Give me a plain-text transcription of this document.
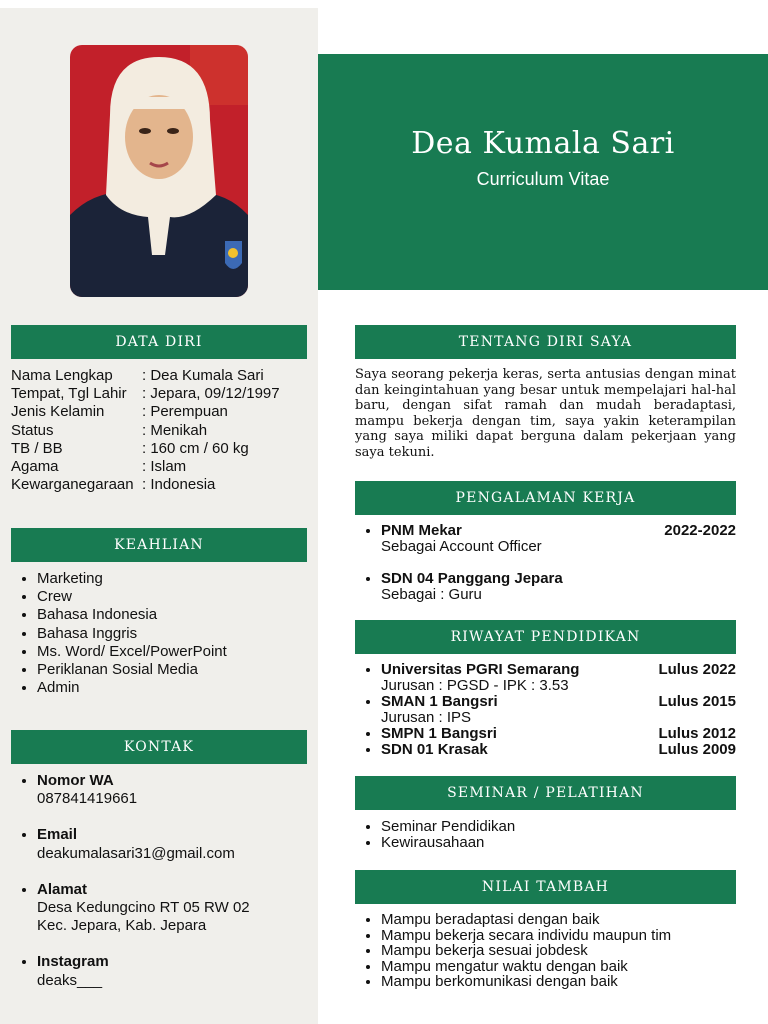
DATA DIRI
Nama Lengkap	: Dea Kumala Sari
Tempat, Tgl Lahir	: Jepara, 09/12/1997
Jenis Kelamin	: Perempuan
Status	: Menikah
TB / BB	: 160 cm / 60 kg
Agama	: Islam
Kewarganegaraan : Indonesia
KEAHLIAN
• Marketing
• Crew
• Bahasa Indonesia
• Bahasa Inggris
• Ms. Word/ Excel/PowerPoint
• Periklanan Sosial Media
• Admin
KONTAK
• Nomor WA
087841419661
• Email
deakumalasari31@gmail.com
• Alamat
Desa Kedungcino RT 05 RW 02
Kec. Jepara, Kab. Jepara
• Instagram
deaks___
Dea Kumala Sari
Curriculum Vitae
TENTANG DIRI SAYA
Saya seorang pekerja keras, serta antusias dengan minat dan keingintahuan yang besar untuk mempelajari hal-hal baru, dengan sifat ramah dan mudah beradaptasi, mampu bekerja dengan tim, saya yakin keterampilan yang saya miliki dapat berguna dalam pekerjaan yang saya tekuni.
PENGALAMAN KERJA
• PNM Mekar	2022-2022

Sebagai Account Officer
• SDN 04 Panggang Jepara
Sebagai : Guru
RIWAYAT PENDIDIKAN
• Universitas PGRI Semarang	Lulus 2022

Jurusan : PGSD - IPK : 3.53
• SMAN 1 Bangsri	Lulus 2015

Jurusan : IPS
• SMPN 1 Bangsri	Lulus 2012
• SDN 01 Krasak	Lulus 2009
SEMINAR / PELATIHAN
• Seminar Pendidikan
• Kewirausahaan
NILAI TAMBAH
• Mampu beradaptasi dengan baik
• Mampu bekerja secara individu maupun tim
• Mampu bekerja sesuai jobdesk
• Mampu mengatur waktu dengan baik
• Mampu berkomunikasi dengan baik
